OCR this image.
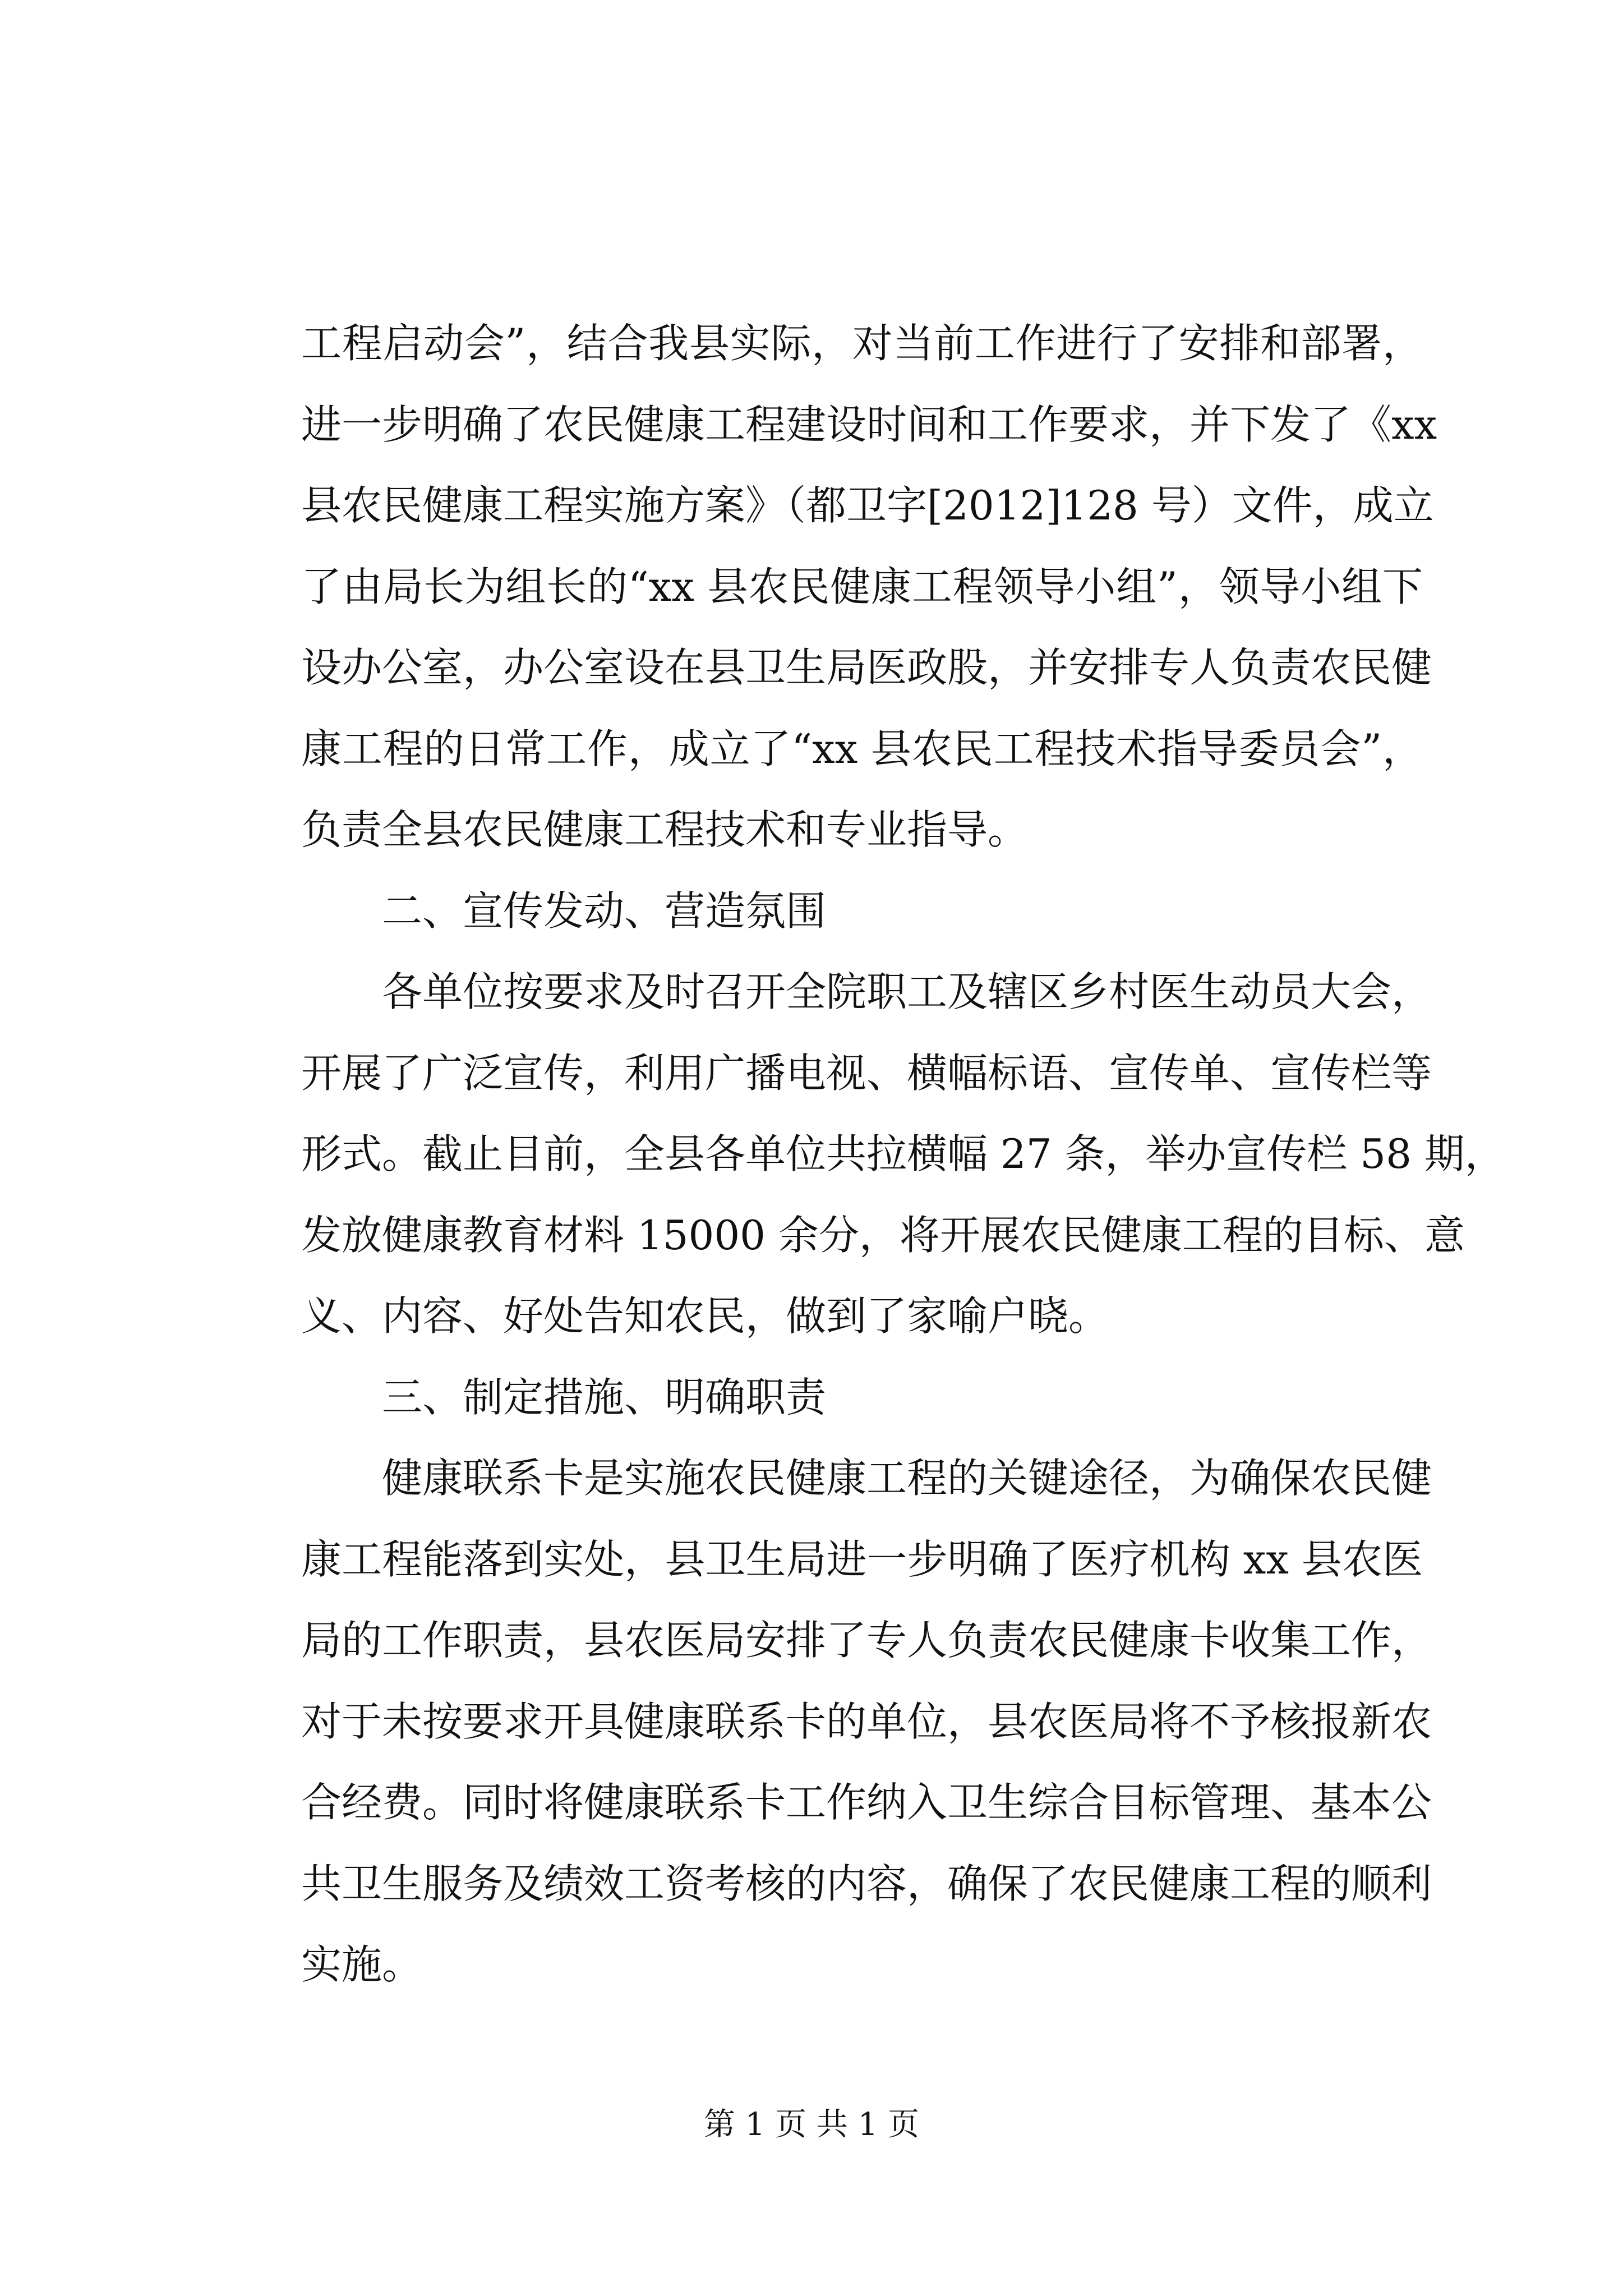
工程启动会”，结合我县实际，对当前工作进行了安排和部署，
进一步明确了农民健康工程建设时间和工作要求，并下发了《xx
县农民健康工程实施方案》（都卫字[2012]128 号）文件，成立
了由局长为组长的“xx 县农民健康工程领导小组”，领导小组下
设办公室，办公室设在县卫生局医政股，并安排专人负责农民健
康工程的日常工作，成立了“xx 县农民工程技术指导委员会”，
负责全县农民健康工程技术和专业指导。
二、宣传发动、营造氛围
各单位按要求及时召开全院职工及辖区乡村医生动员大会，
开展了广泛宣传，利用广播电视、横幅标语、宣传单、宣传栏等
形式。截止目前，全县各单位共拉横幅 27 条，举办宣传栏 58 期，
发放健康教育材料 15000 余分，将开展农民健康工程的目标、意
义、内容、好处告知农民，做到了家喻户晓。
三、制定措施、明确职责
健康联系卡是实施农民健康工程的关键途径，为确保农民健
康工程能落到实处，县卫生局进一步明确了医疗机构 xx 县农医
局的工作职责，县农医局安排了专人负责农民健康卡收集工作，
对于未按要求开具健康联系卡的单位，县农医局将不予核报新农
合经费。同时将健康联系卡工作纳入卫生综合目标管理、基本公
共卫生服务及绩效工资考核的内容，确保了农民健康工程的顺利
实施。
第 1 页 共 1 页
